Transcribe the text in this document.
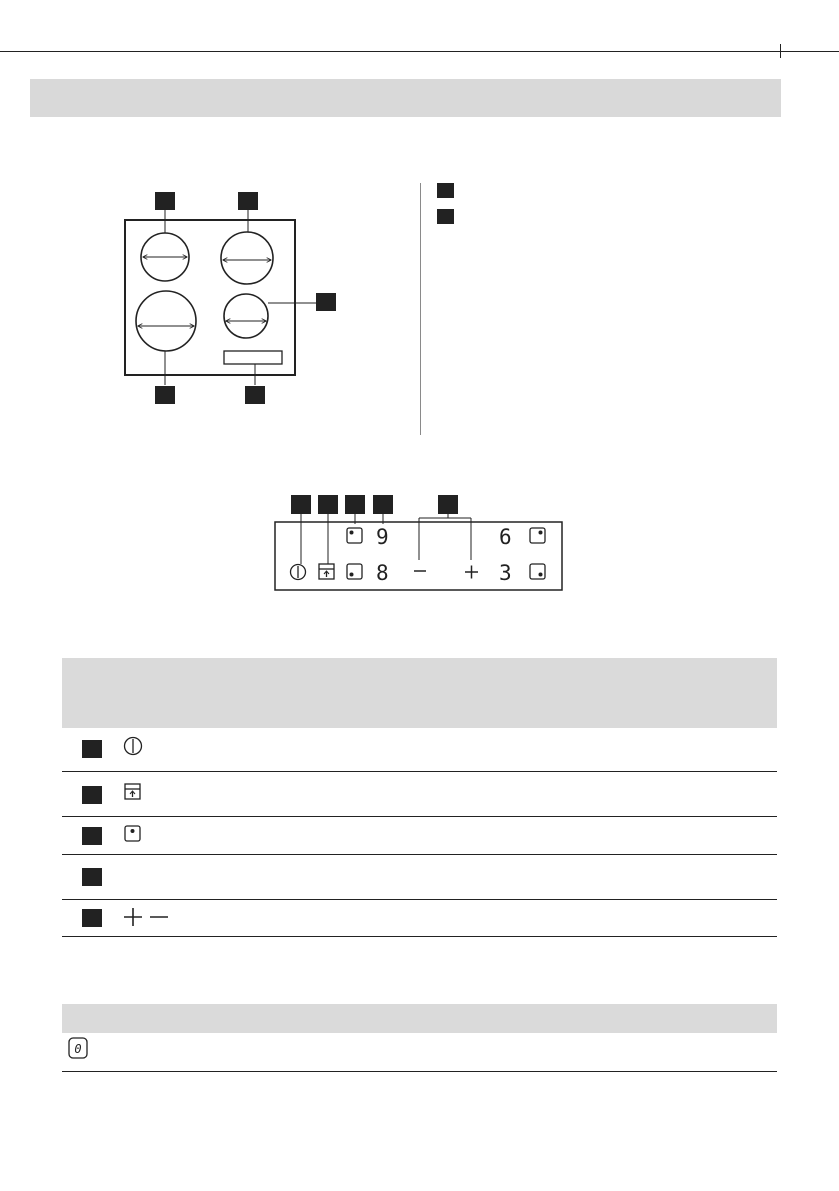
9
8
6
3
0
